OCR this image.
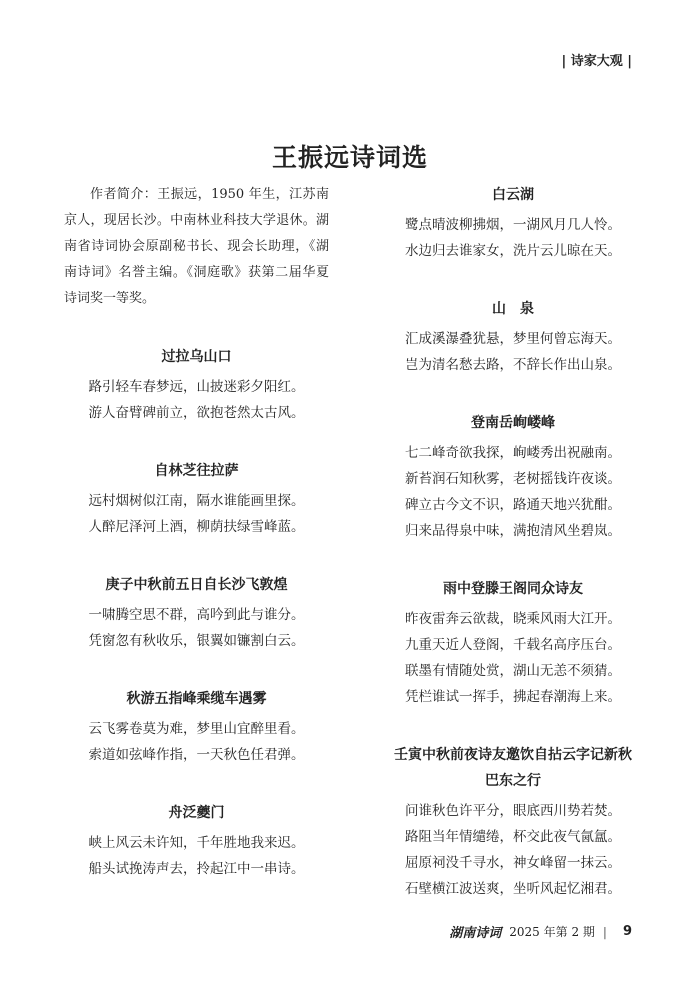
| 诗家大观 |
王振远诗词选

作者简介：王振远，1950 年生，江苏南京人，现居长沙。中南林业科技大学退休。湖南省诗词协会原副秘书长、现会长助理，《湖南诗词》名誉主编。《洞庭歌》获第二届华夏诗词奖一等奖。

过拉乌山口
路引轻车春梦远，山披迷彩夕阳红。
游人奋臂碑前立，欲抱苍然太古风。
自林芝往拉萨
远村烟树似江南，隔水谁能画里探。
人醉尼泽河上酒，柳荫扶绿雪峰蓝。
庚子中秋前五日自长沙飞敦煌
一啸腾空思不群，高吟到此与谁分。
凭窗忽有秋收乐，银翼如镰割白云。
秋游五指峰乘缆车遇雾
云飞雾卷莫为难，梦里山宜醉里看。
索道如弦峰作指，一天秋色任君弹。
舟泛夔门
峡上风云未许知，千年胜地我来迟。
船头试挽涛声去，拎起江中一串诗。
白云湖
鹭点晴波柳拂烟，一湖风月几人怜。
水边归去谁家女，洗片云儿晾在天。
山　泉
汇成溪瀑叠犹悬，梦里何曾忘海天。
岂为清名愁去路，不辞长作出山泉。
登南岳峋嵝峰
七二峰奇欲我探，峋嵝秀出祝融南。
新苔润石知秋雾，老树摇钱许夜谈。
碑立古今文不识，路通天地兴犹酣。
归来品得泉中味，满抱清风坐碧岚。
雨中登滕王阁同众诗友
昨夜雷奔云欲裁，晓乘风雨大江开。
九重天近人登阁，千载名高序压台。
联墨有情随处赏，湖山无恙不须猜。
凭栏谁试一挥手，拂起春潮海上来。
壬寅中秋前夜诗友邀饮自拈云字记新秋巴东之行
问谁秋色许平分，眼底西川势若焚。
路阻当年情缱绻，杯交此夜气氤氲。
屈原祠没千寻水，神女峰留一抹云。
石壁横江波送爽，坐听风起忆湘君。
湖南诗词 2025 年第 2 期 | 9
